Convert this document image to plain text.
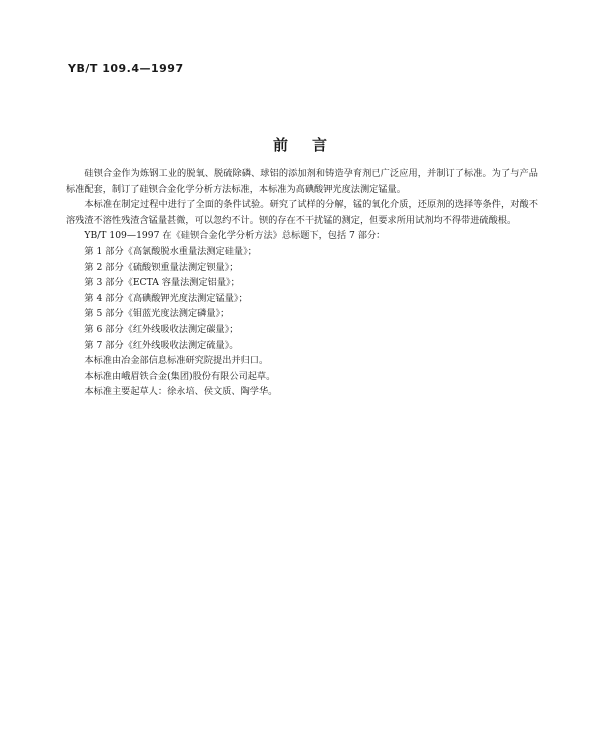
YB/T 109.4—1997
前言

硅钡合金作为炼钢工业的脱氧、脱硫除磷、球铝的添加剂和铸造孕育剂已广泛应用，并制订了标准。为了与产品标准配套，制订了硅钡合金化学分析方法标准，本标准为高碘酸钾光度法测定锰量。

本标准在制定过程中进行了全面的条件试验。研究了试样的分解，锰的氧化介质，还原剂的选择等条件，对酸不溶残渣不溶性残渣含锰量甚微，可以忽约不计。钡的存在不干扰锰的测定，但要求所用试剂均不得带进硫酸根。

YB/T 109—1997 在《硅钡合金化学分析方法》总标题下，包括 7 部分：

第 1 部分《高氯酸脱水重量法测定硅量》；

第 2 部分《硫酸钡重量法测定钡量》；

第 3 部分《ECTA 容量法测定铝量》；

第 4 部分《高碘酸钾光度法测定锰量》；

第 5 部分《钼蓝光度法测定磷量》；

第 6 部分《红外线吸收法测定碳量》；

第 7 部分《红外线吸收法测定硫量》。

本标准由冶金部信息标准研究院提出并归口。

本标准由峨眉铁合金(集团)股份有限公司起草。

本标准主要起草人：徐永培、侯文质、陶学华。
